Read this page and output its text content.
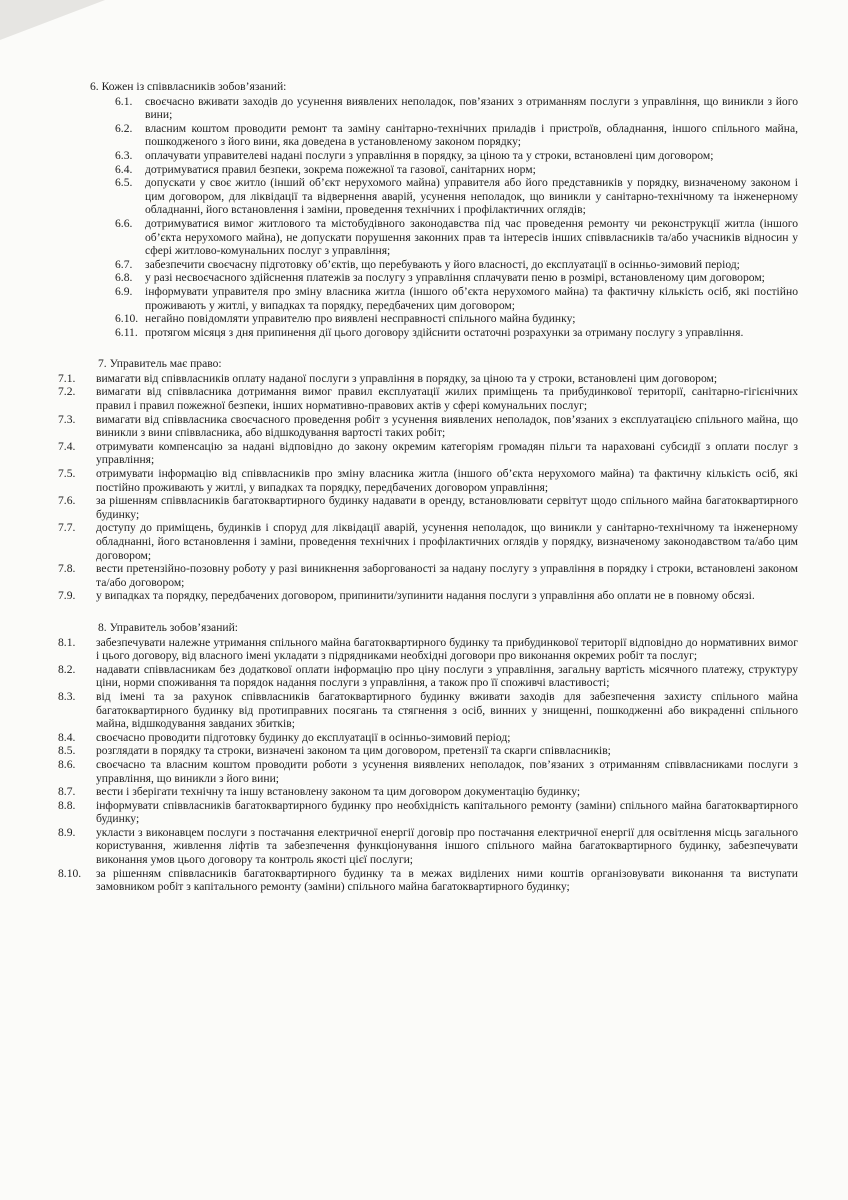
6. Кожен із співвласників зобов’язаний:
6.1.	своєчасно вживати заходів до усунення виявлених неполадок, пов’язаних з отриманням послуги з управління, що виникли з його вини;
6.2.	власним коштом проводити ремонт та заміну санітарно-технічних приладів і пристроїв, обладнання, іншого спільного майна, пошкодженого з його вини, яка доведена в установленому законом порядку;
6.3.	оплачувати управителеві надані послуги з управління в порядку, за ціною та у строки, встановлені цим договором;
6.4.	дотримуватися правил безпеки, зокрема пожежної та газової, санітарних норм;
6.5.	допускати у своє житло (інший об’єкт нерухомого майна) управителя або його представників у порядку, визначеному законом і цим договором, для ліквідації та відвернення аварій, усунення неполадок, що виникли у санітарно-технічному та інженерному обладнанні, його встановлення і заміни, проведення технічних і профілактичних оглядів;
6.6.	дотримуватися вимог житлового та містобудівного законодавства під час проведення ремонту чи реконструкції житла (іншого об’єкта нерухомого майна), не допускати порушення законних прав та інтересів інших співвласників та/або учасників відносин у сфері житлово-комунальних послуг з управління;
6.7.	забезпечити своєчасну підготовку об’єктів, що перебувають у його власності, до експлуатації в осінньо-зимовий період;
6.8.	у разі несвоєчасного здійснення платежів за послугу з управління сплачувати пеню в розмірі, встановленому цим договором;
6.9.	інформувати управителя про зміну власника житла (іншого об’єкта нерухомого майна) та фактичну кількість осіб, які постійно проживають у житлі, у випадках та порядку, передбачених цим договором;
6.10. негайно повідомляти управителю про виявлені несправності спільного майна будинку;
6.11. протягом місяця з дня припинення дії цього договору здійснити остаточні розрахунки за отриману послугу з управління.
7. Управитель має право:
7.1.	вимагати від співвласників оплату наданої послуги з управління в порядку, за ціною та у строки, встановлені цим договором;
7.2.	вимагати від співвласника дотримання вимог правил експлуатації жилих приміщень та прибудинкової території, санітарно-гігієнічних правил і правил пожежної безпеки, інших нормативно-правових актів у сфері комунальних послуг;
7.3.	вимагати від співвласника своєчасного проведення робіт з усунення виявлених неполадок, пов’язаних з експлуатацією спільного майна, що виникли з вини співвласника, або відшкодування вартості таких робіт;
7.4.	отримувати компенсацію за надані відповідно до закону окремим категоріям громадян пільги та нараховані субсидії з оплати послуг з управління;
7.5.	отримувати інформацію від співвласників про зміну власника житла (іншого об’єкта нерухомого майна) та фактичну кількість осіб, які постійно проживають у житлі, у випадках та порядку, передбачених договором управління;
7.6.	за рішенням співвласників багатоквартирного будинку надавати в оренду, встановлювати сервітут щодо спільного майна багатоквартирного будинку;
7.7.	доступу до приміщень, будинків і споруд для ліквідації аварій, усунення неполадок, що виникли у санітарно-технічному та інженерному обладнанні, його встановлення і заміни, проведення технічних і профілактичних оглядів у порядку, визначеному законодавством та/або цим договором;
7.8.	вести претензійно-позовну роботу у разі виникнення заборгованості за надану послугу з управління в порядку і строки, встановлені законом та/або договором;
7.9.	у випадках та порядку, передбачених договором, припинити/зупинити надання послуги з управління або оплати не в повному обсязі.
8. Управитель зобов’язаний:
8.1.	забезпечувати належне утримання спільного майна багатоквартирного будинку та прибудинкової території відповідно до нормативних вимог і цього договору, від власного імені укладати з підрядниками необхідні договори про виконання окремих робіт та послуг;
8.2.	надавати співвласникам без додаткової оплати інформацію про ціну послуги з управління, загальну вартість місячного платежу, структуру ціни, норми споживання та порядок надання послуги з управління, а також про її споживчі властивості;
8.3.	від імені та за рахунок співвласників багатоквартирного будинку вживати заходів для забезпечення захисту спільного майна багатоквартирного будинку від протиправних посягань та стягнення з осіб, винних у знищенні, пошкодженні або викраденні спільного майна, відшкодування завданих збитків;
8.4.	своєчасно проводити підготовку будинку до експлуатації в осінньо-зимовий період;
8.5.	розглядати в порядку та строки, визначені законом та цим договором, претензії та скарги співвласників;
8.6.	своєчасно та власним коштом проводити роботи з усунення виявлених неполадок, пов’язаних з отриманням співвласниками послуги з управління, що виникли з його вини;
8.7.	вести і зберігати технічну та іншу встановлену законом та цим договором документацію будинку;
8.8.	інформувати співвласників багатоквартирного будинку про необхідність капітального ремонту (заміни) спільного майна багатоквартирного будинку;
8.9.	укласти з виконавцем послуги з постачання електричної енергії договір про постачання електричної енергії для освітлення місць загального користування, живлення ліфтів та забезпечення функціонування іншого спільного майна багатоквартирного будинку, забезпечувати виконання умов цього договору та контроль якості цієї послуги;
8.10.	за рішенням співвласників багатоквартирного будинку та в межах виділених ними коштів організовувати виконання та виступати замовником робіт з капітального ремонту (заміни) спільного майна багатоквартирного будинку;
